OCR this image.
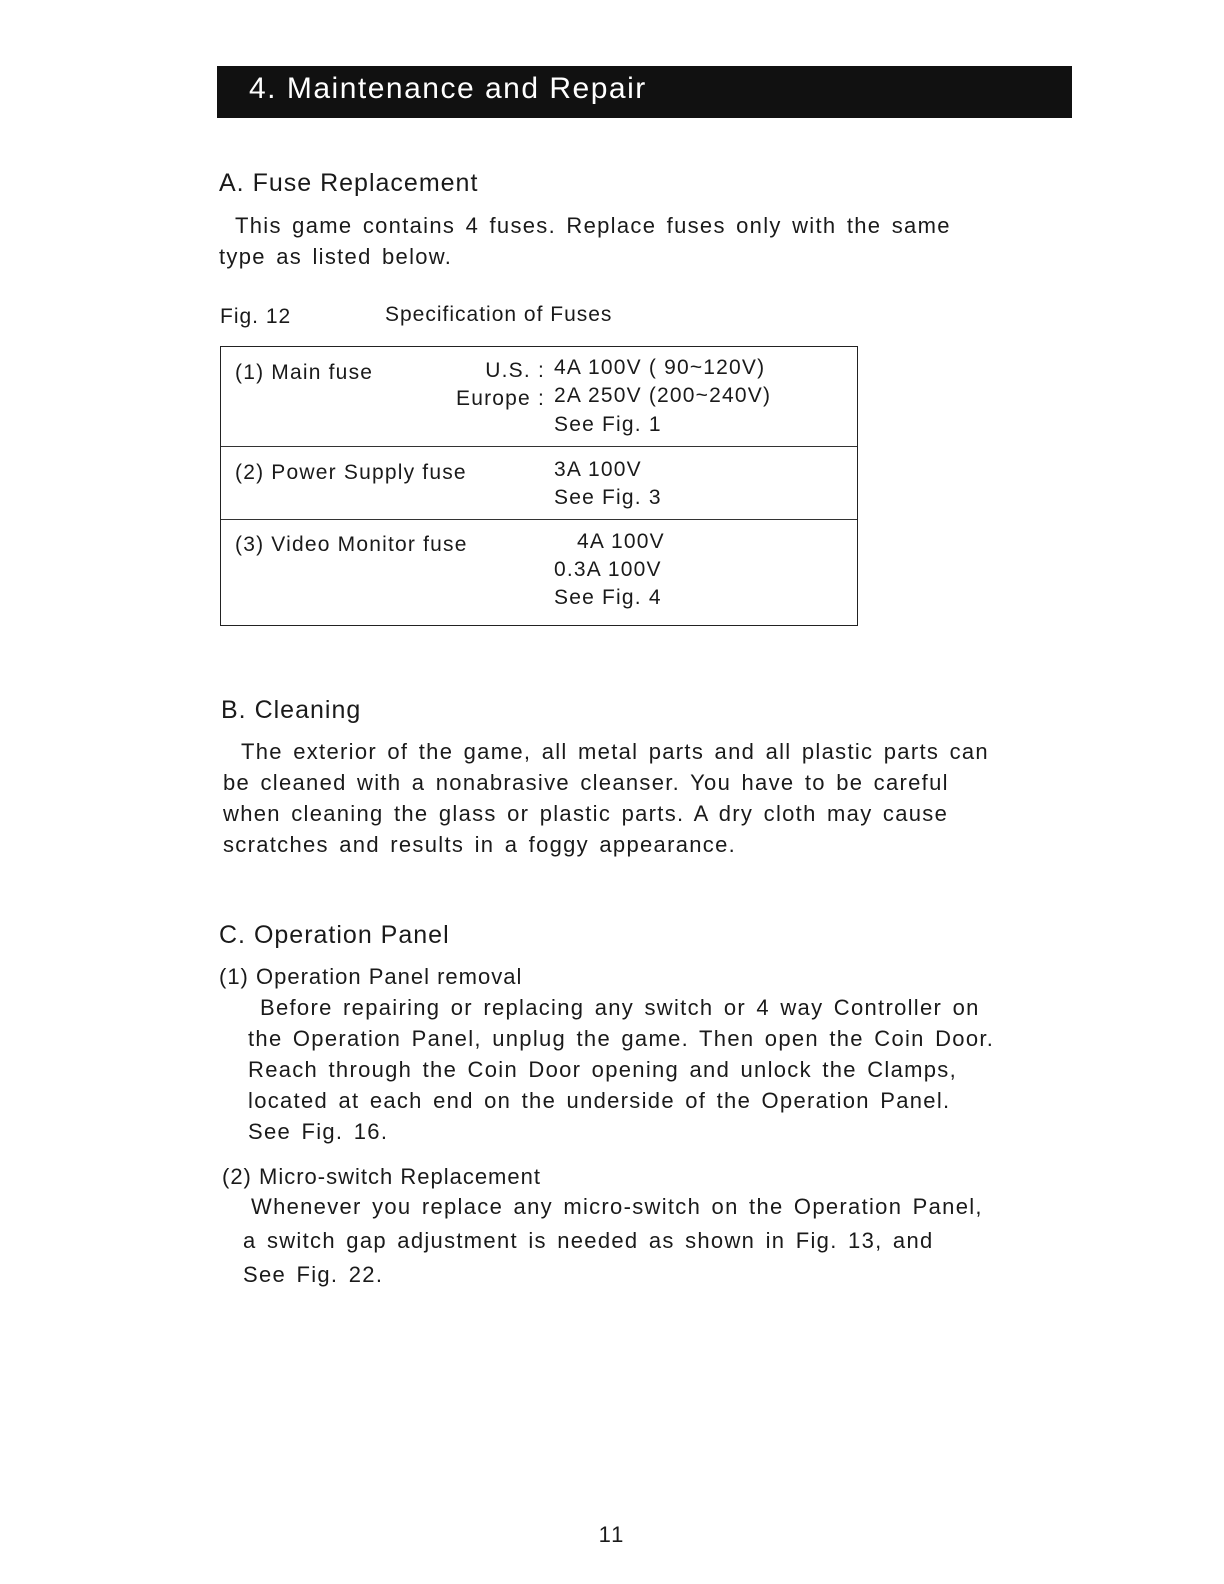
4. Maintenance and Repair
A. Fuse Replacement
This game contains 4 fuses. Replace fuses only with the same
type as listed below.
Fig. 12	Specification of Fuses
(1) Main fuse	U.S. : 4A 100V ( 90~120V)
Europe : 2A 250V (200~240V)
See Fig. 1
(2) Power Supply fuse	3A 100V
See Fig. 3
(3) Video Monitor fuse	4A 100V
0.3A 100V
See Fig. 4
B. Cleaning
The exterior of the game, all metal parts and all plastic parts can
be cleaned with a nonabrasive cleanser. You have to be careful
when cleaning the glass or plastic parts. A dry cloth may cause
scratches and results in a foggy appearance.
C. Operation Panel
(1) Operation Panel removal
Before repairing or replacing any switch or 4 way Controller on
the Operation Panel, unplug the game. Then open the Coin Door.
Reach through the Coin Door opening and unlock the Clamps,
located at each end on the underside of the Operation Panel.
See Fig. 16.
(2) Micro-switch Replacement
Whenever you replace any micro-switch on the Operation Panel,
a switch gap adjustment is needed as shown in Fig. 13, and
See Fig. 22.
11
